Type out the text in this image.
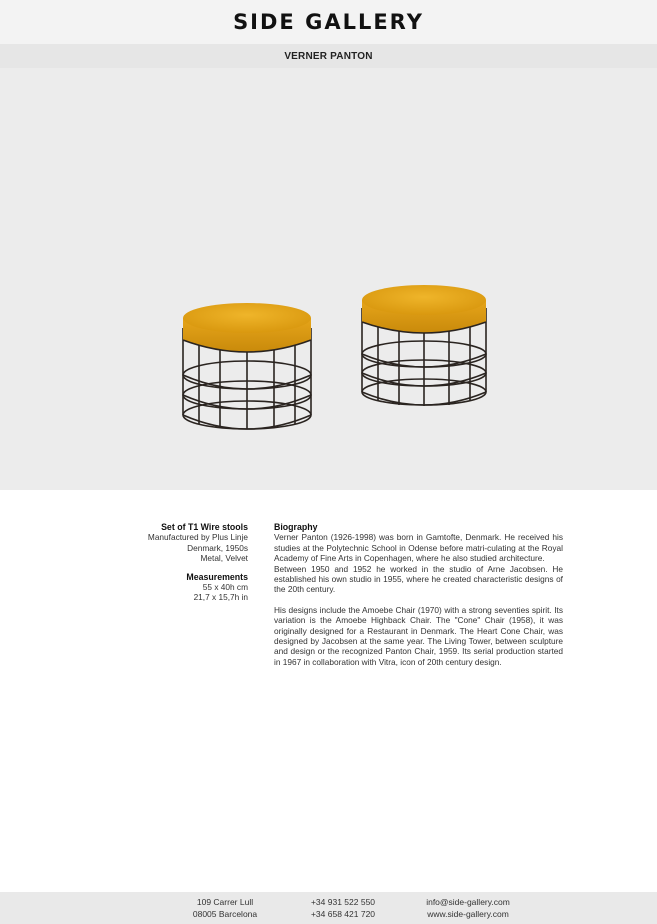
SIDE GALLERY
VERNER PANTON
Set of T1 Wire stools
Manufactured by Plus Linje
Denmark, 1950s
Metal, Velvet
Measurements
55 x 40h cm
21,7 x 15,7h in
Biography

Verner Panton (1926-1998) was born in Gamtofte, Denmark. He received his studies at the Polytechnic School in Odense before matri-culating at the Royal Academy of Fine Arts in Copenhagen, where he also studied architecture.

Between 1950 and 1952 he worked in the studio of Arne Jacobsen. He established his own studio in 1955, where he created characteristic designs of the 20th century.

His designs include the Amoebe Chair (1970) with a strong seventies spirit. Its variation is the Amoebe Highback Chair. The "Cone" Chair (1958), it was originally designed for a Restaurant in Denmark. The Heart Cone Chair, was designed by Jacobsen at the same year. The Living Tower, between sculpture and design or the recognized Panton Chair, 1959. Its serial production started in 1967 in collaboration with Vitra, icon of 20th century design.

109 Carrer Lull
08005 Barcelona
+34 931 522 550
+34 658 421 720
info@side-gallery.com
www.side-gallery.com
